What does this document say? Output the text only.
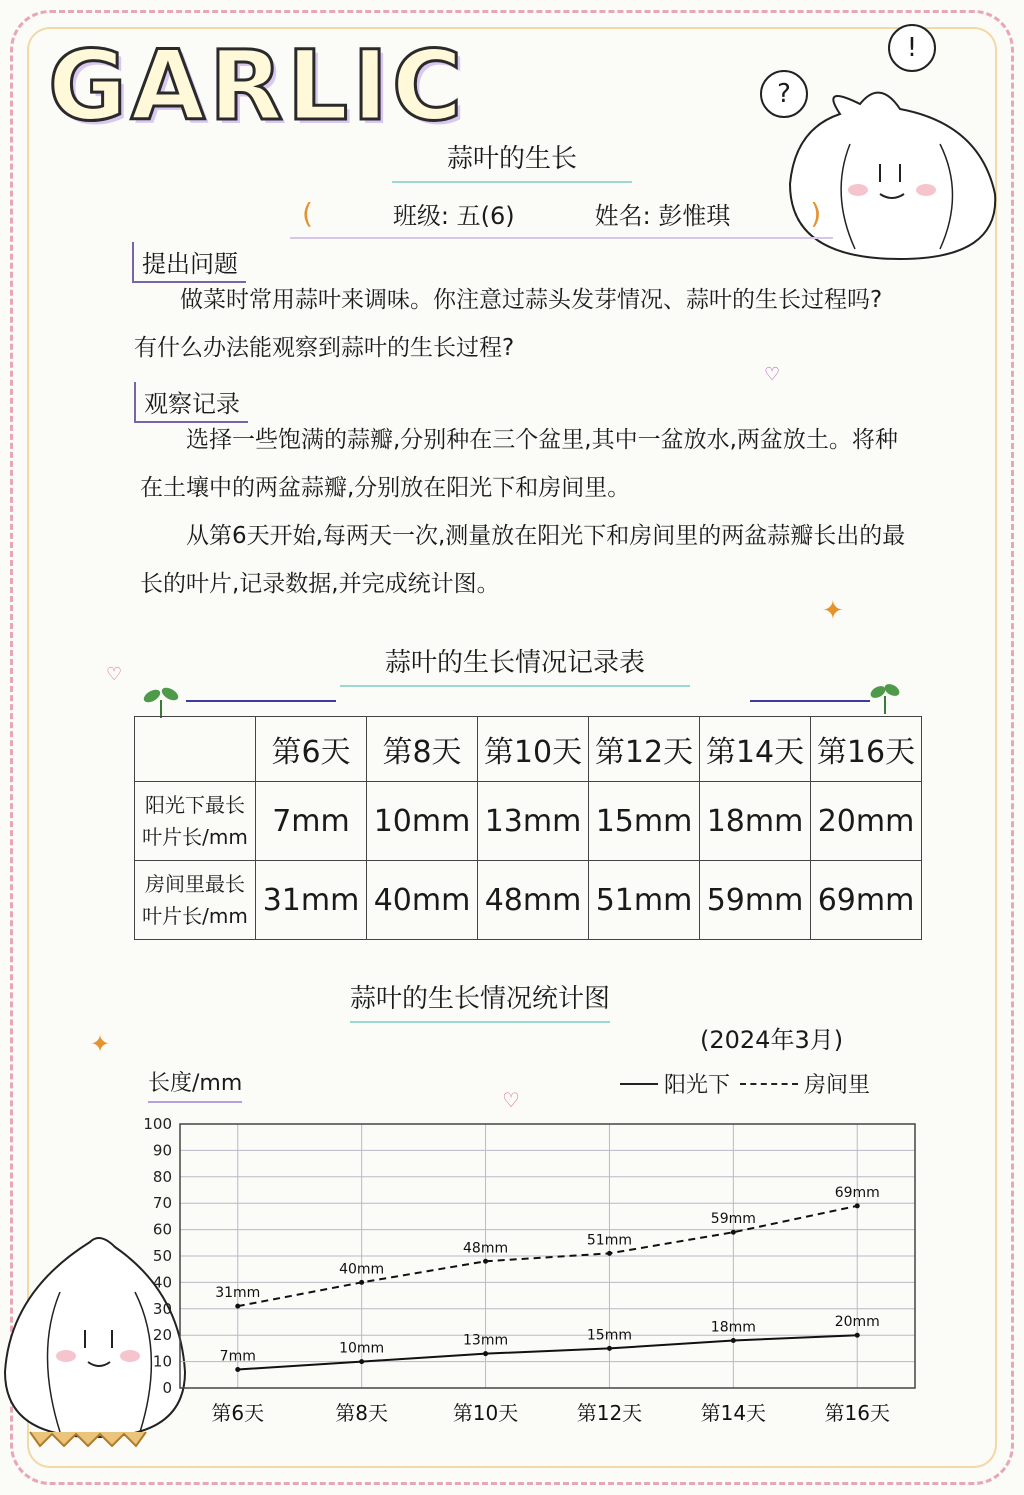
✦
✦
♡
♡
♡
?
!
GARLIC
蒜叶的生长
(	班级: 五(6)	姓名: 彭惟琪	)
提出问题

做菜时常用蒜叶来调味。你注意过蒜头发芽情况、蒜叶的生长过程吗?有什么办法能观察到蒜叶的生长过程?

观察记录

选择一些饱满的蒜瓣,分别种在三个盆里,其中一盆放水,两盆放土。将种在土壤中的两盆蒜瓣,分别放在阳光下和房间里。

从第6天开始,每两天一次,测量放在阳光下和房间里的两盆蒜瓣长出的最长的叶片,记录数据,并完成统计图。

蒜叶的生长情况记录表
	第6天	第8天	第10天	第12天	第14天	第16天
阳光下最长
叶片长/mm	7mm	10mm	13mm	15mm	18mm	20mm
房间里最长
叶片长/mm	31mm	40mm	48mm	51mm	59mm	69mm
蒜叶的生长情况统计图
(2024年3月)
长度/mm	阳光下	房间里
0
10
20
30
40
50
60
70
80
90
100
第6天	第8天	第10天	第12天	第14天	第16天
7mm	10mm	13mm	15mm	18mm	20mm
31mm
40mm
48mm	51mm
59mm
69mm
